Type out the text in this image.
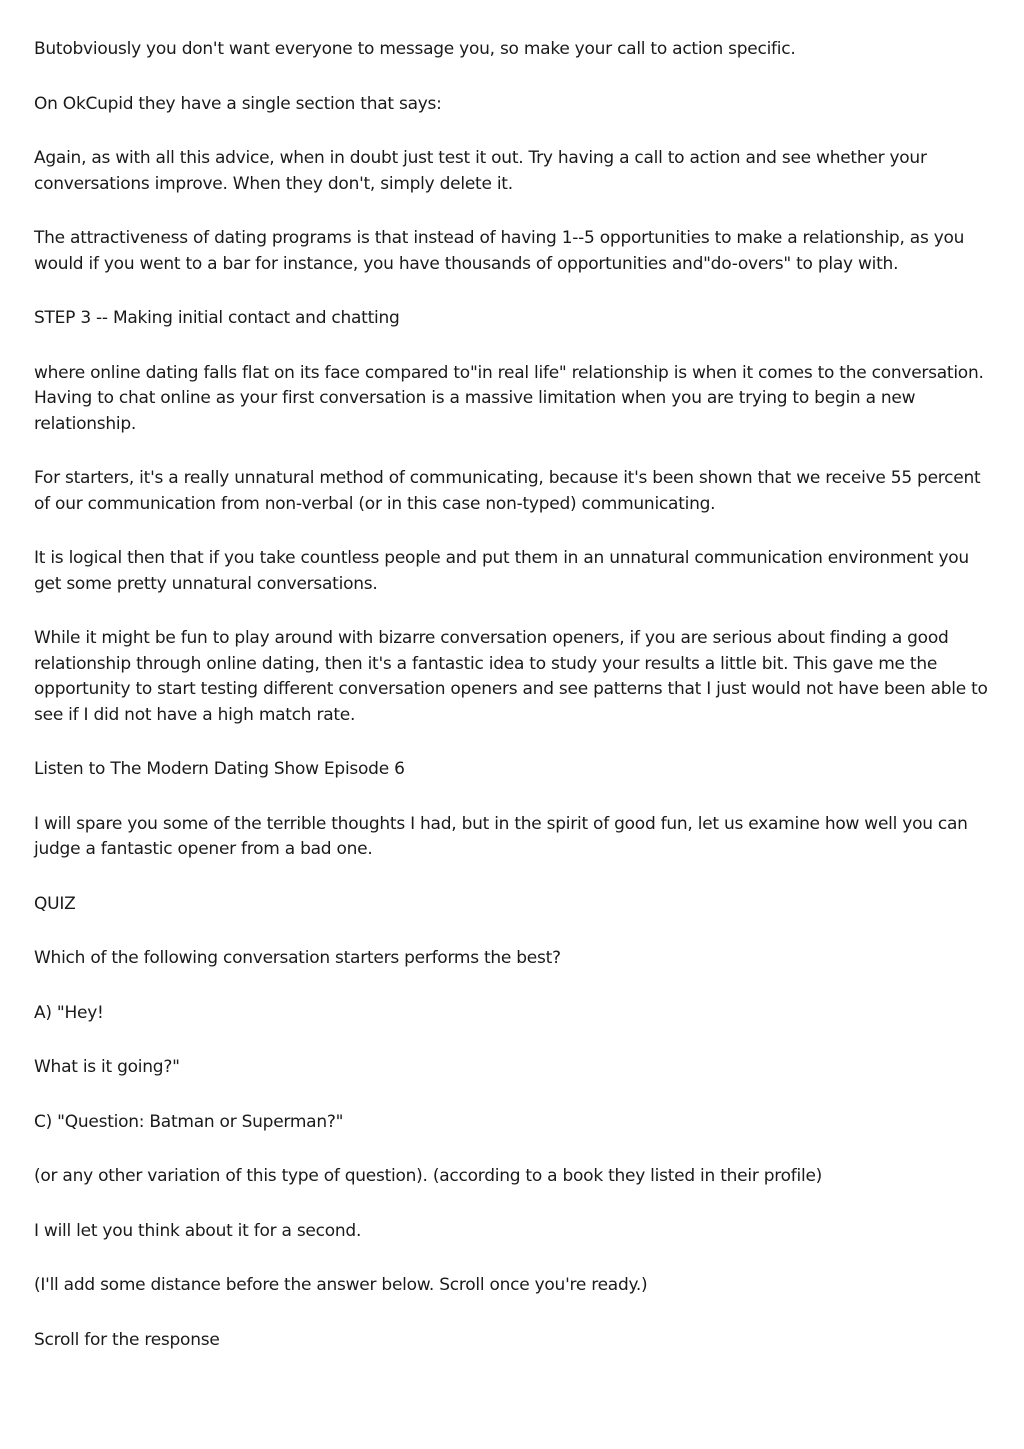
Butobviously you don't want everyone to message you, so make your call to action specific.

On OkCupid they have a single section that says:

Again, as with all this advice, when in doubt just test it out. Try having a call to action and see whether your conversations improve. When they don't, simply delete it.

The attractiveness of dating programs is that instead of having 1--5 opportunities to make a relationship, as you would if you went to a bar for instance, you have thousands of opportunities and"do-overs" to play with.

STEP 3 -- Making initial contact and chatting

where online dating falls flat on its face compared to"in real life" relationship is when it comes to the conversation. Having to chat online as your first conversation is a massive limitation when you are trying to begin a new relationship.

For starters, it's a really unnatural method of communicating, because it's been shown that we receive 55 percent of our communication from non-verbal (or in this case non-typed) communicating.

It is logical then that if you take countless people and put them in an unnatural communication environment you get some pretty unnatural conversations.

While it might be fun to play around with bizarre conversation openers, if you are serious about finding a good relationship through online dating, then it's a fantastic idea to study your results a little bit. This gave me the opportunity to start testing different conversation openers and see patterns that I just would not have been able to see if I did not have a high match rate.

Listen to The Modern Dating Show Episode 6

I will spare you some of the terrible thoughts I had, but in the spirit of good fun, let us examine how well you can judge a fantastic opener from a bad one.

QUIZ

Which of the following conversation starters performs the best?

A) "Hey!

What is it going?"

C) "Question: Batman or Superman?"

(or any other variation of this type of question). (according to a book they listed in their profile)

I will let you think about it for a second.

(I'll add some distance before the answer below. Scroll once you're ready.)

Scroll for the response
